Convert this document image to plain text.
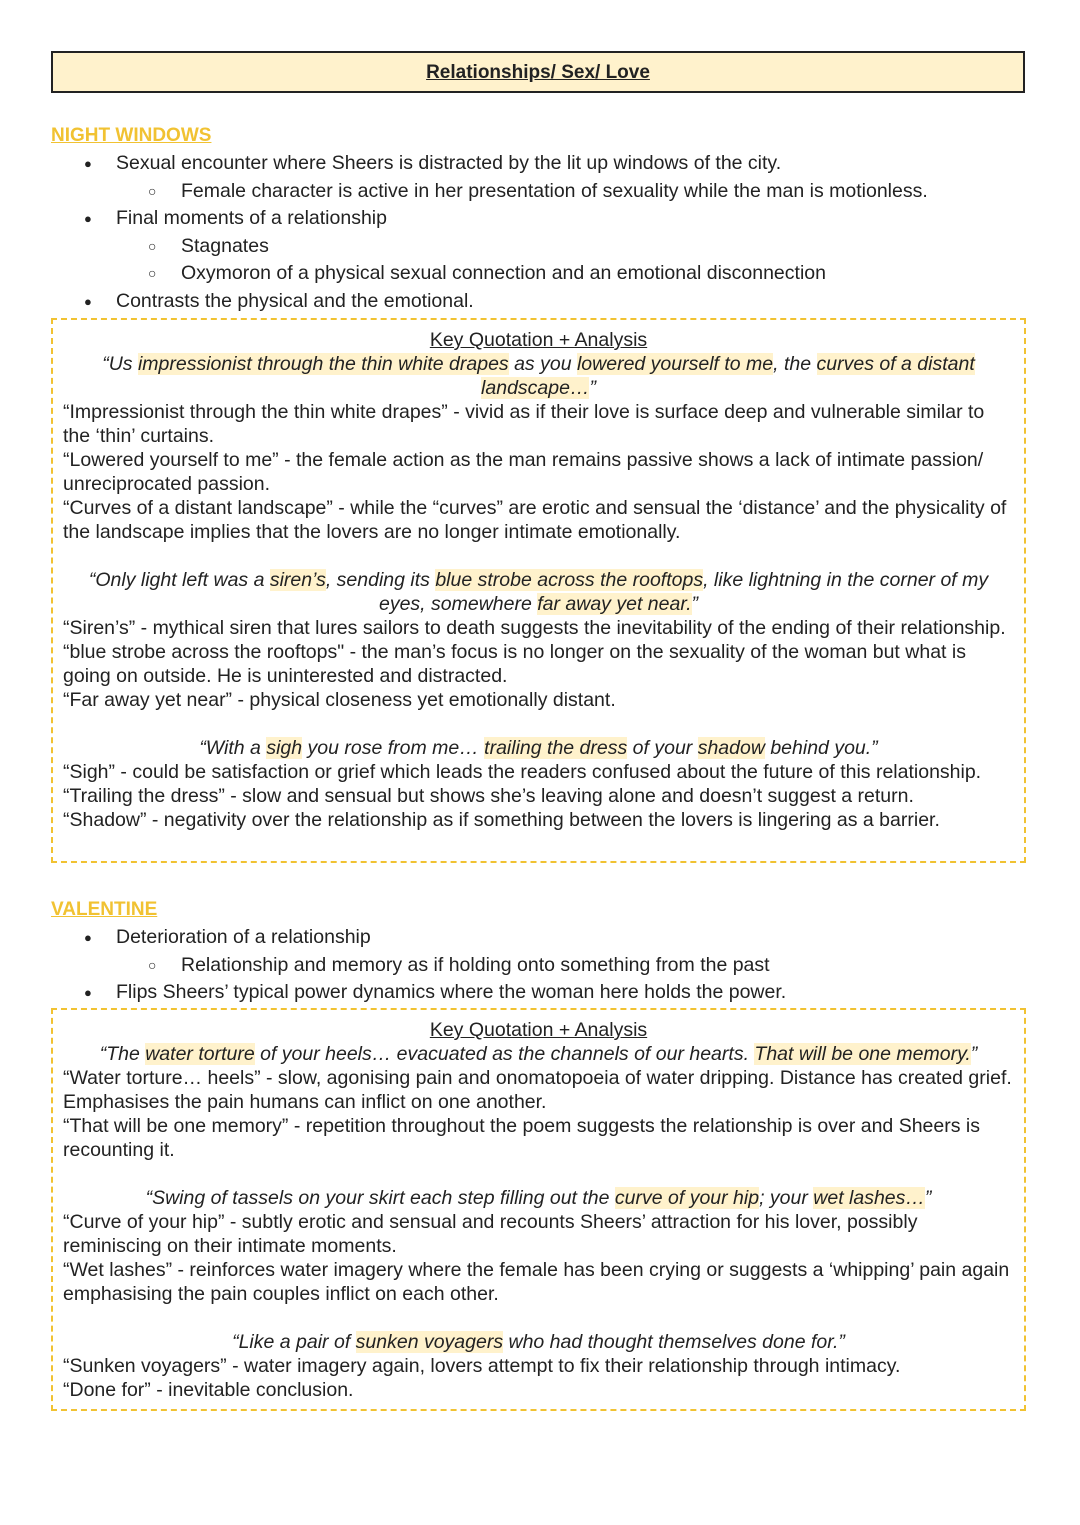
Relationships/ Sex/ Love
NIGHT WINDOWS
● Sexual encounter where Sheers is distracted by the lit up windows of the city.
○ Female character is active in her presentation of sexuality while the man is motionless.
● Final moments of a relationship
○ Stagnates
○ Oxymoron of a physical sexual connection and an emotional disconnection
● Contrasts the physical and the emotional.
Key Quotation + Analysis
“Us impressionist through the thin white drapes as you lowered yourself to me, the curves of a distant landscape…”

“Impressionist through the thin white drapes” - vivid as if their love is surface deep and vulnerable similar to the ‘thin’ curtains.

“Lowered yourself to me” - the female action as the man remains passive shows a lack of intimate passion/ unreciprocated passion.

“Curves of a distant landscape” - while the “curves” are erotic and sensual the ‘distance’ and the physicality of the landscape implies that the lovers are no longer intimate emotionally.

“Only light left was a siren’s, sending its blue strobe across the rooftops, like lightning in the corner of my eyes, somewhere far away yet near.”

“Siren’s” - mythical siren that lures sailors to death suggests the inevitability of the ending of their relationship.

“blue strobe across the rooftops" - the man’s focus is no longer on the sexuality of the woman but what is going on outside. He is uninterested and distracted.

“Far away yet near” - physical closeness yet emotionally distant.

“With a sigh you rose from me… trailing the dress of your shadow behind you.”

“Sigh” - could be satisfaction or grief which leads the readers confused about the future of this relationship.

“Trailing the dress” - slow and sensual but shows she’s leaving alone and doesn’t suggest a return.

“Shadow” - negativity over the relationship as if something between the lovers is lingering as a barrier.

VALENTINE
● Deterioration of a relationship
○ Relationship and memory as if holding onto something from the past
● Flips Sheers’ typical power dynamics where the woman here holds the power.
Key Quotation + Analysis
“The water torture of your heels… evacuated as the channels of our hearts. That will be one memory.”

“Water torture… heels” - slow, agonising pain and onomatopoeia of water dripping. Distance has created grief. Emphasises the pain humans can inflict on one another.

“That will be one memory” - repetition throughout the poem suggests the relationship is over and Sheers is recounting it.

“Swing of tassels on your skirt each step filling out the curve of your hip; your wet lashes…”

“Curve of your hip” - subtly erotic and sensual and recounts Sheers’ attraction for his lover, possibly reminiscing on their intimate moments.

“Wet lashes” - reinforces water imagery where the female has been crying or suggests a ‘whipping’ pain again emphasising the pain couples inflict on each other.

“Like a pair of sunken voyagers who had thought themselves done for.”

“Sunken voyagers” - water imagery again, lovers attempt to fix their relationship through intimacy.

“Done for” - inevitable conclusion.
